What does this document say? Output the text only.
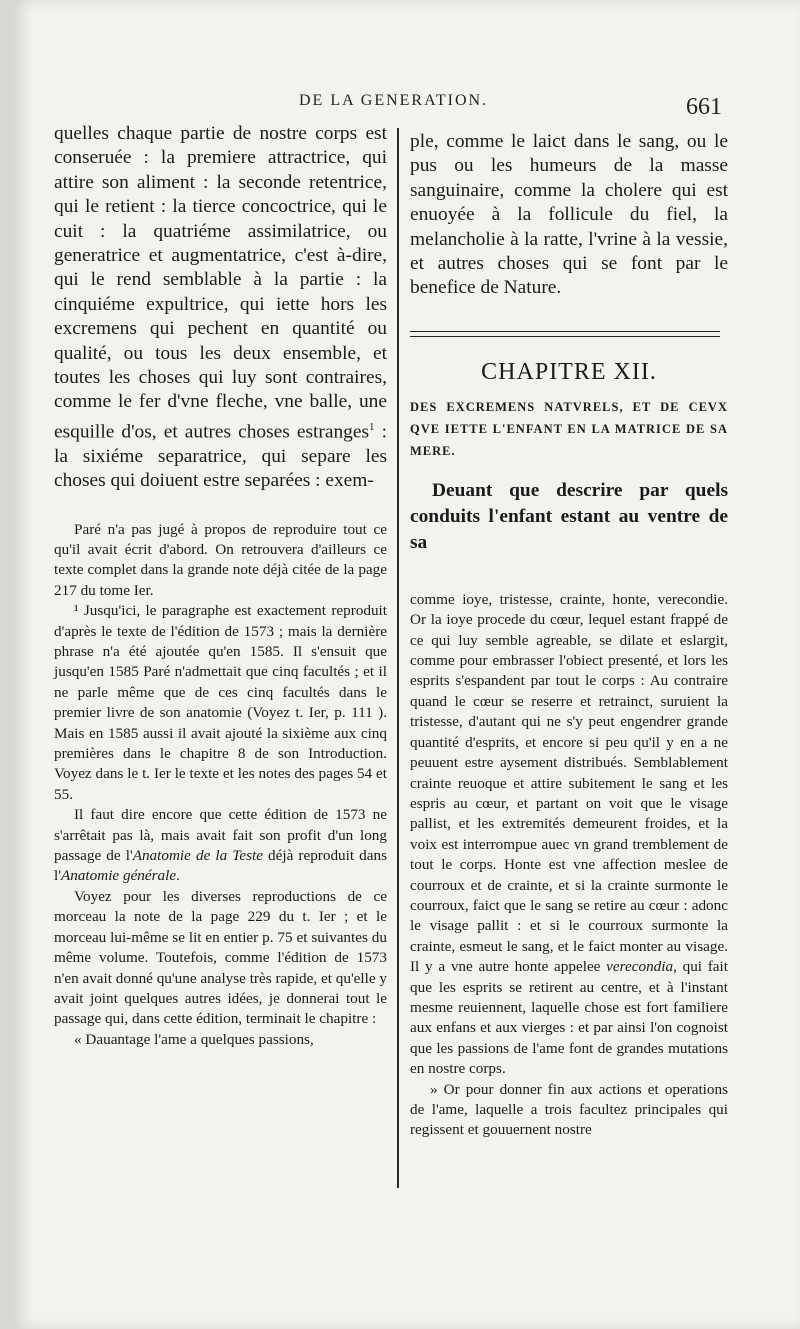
DE LA GENERATION.	661

quelles chaque partie de nostre corps est conseruée : la premiere attractrice, qui attire son aliment : la seconde retentrice, qui le retient : la tierce concoctrice, qui le cuit : la quatriéme assimilatrice, ou generatrice et augmentatrice, c'est à-dire, qui le rend semblable à la partie : la cinquiéme expultrice, qui iette hors les excremens qui pechent en quantité ou qualité, ou tous les deux ensemble, et toutes les choses qui luy sont contraires, comme le fer d'vne fleche, vne balle, une esquille d'os, et autres choses estranges$^1$ : la sixiéme separatrice, qui separe les choses qui doiuent estre separées : exem-

Paré n'a pas jugé à propos de reproduire tout ce qu'il avait écrit d'abord. On retrouvera d'ailleurs ce texte complet dans la grande note déjà citée de la page 217 du tome Ier.

¹ Jusqu'ici, le paragraphe est exactement reproduit d'après le texte de l'édition de 1573 ; mais la dernière phrase n'a été ajoutée qu'en 1585. Il s'ensuit que jusqu'en 1585 Paré n'admettait que cinq facultés ; et il ne parle même que de ces cinq facultés dans le premier livre de son anatomie (Voyez t. Ier, p. 111 ). Mais en 1585 aussi il avait ajouté la sixième aux cinq premières dans le chapitre 8 de son Introduction. Voyez dans le t. Ier le texte et les notes des pages 54 et 55.

Il faut dire encore que cette édition de 1573 ne s'arrêtait pas là, mais avait fait son profit d'un long passage de l'Anatomie de la Teste déjà reproduit dans l'Anatomie générale.

Voyez pour les diverses reproductions de ce morceau la note de la page 229 du t. Ier ; et le morceau lui-même se lit en entier p. 75 et suivantes du même volume. Toutefois, comme l'édition de 1573 n'en avait donné qu'une analyse très rapide, et qu'elle y avait joint quelques autres idées, je donnerai tout le passage qui, dans cette édition, terminait le chapitre :

« Dauantage l'ame a quelques passions,

ple, comme le laict dans le sang, ou le pus ou les humeurs de la masse sanguinaire, comme la cholere qui est enuoyée à la follicule du fiel, la melancholie à la ratte, l'vrine à la vessie, et autres choses qui se font par le benefice de Nature.

CHAPITRE XII.
DES EXCREMENS NATVRELS, ET DE CEVX QVE IETTE L'ENFANT EN LA MATRICE DE SA MERE.
Deuant que descrire par quels conduits l'enfant estant au ventre de sa

comme ioye, tristesse, crainte, honte, verecondie. Or la ioye procede du cœur, lequel estant frappé de ce qui luy semble agreable, se dilate et eslargit, comme pour embrasser l'obiect presenté, et lors les esprits s'espandent par tout le corps : Au contraire quand le cœur se reserre et retrainct, suruient la tristesse, d'autant qui ne s'y peut engendrer grande quantité d'esprits, et encore si peu qu'il y en a ne peuuent estre aysement distribués. Semblablement crainte reuoque et attire subitement le sang et les espris au cœur, et partant on voit que le visage pallist, et les extremités demeurent froides, et la voix est interrompue auec vn grand tremblement de tout le corps. Honte est vne affection meslee de courroux et de crainte, et si la crainte surmonte le courroux, faict que le sang se retire au cœur : adonc le visage pallit : et si le courroux surmonte la crainte, esmeut le sang, et le faict monter au visage. Il y a vne autre honte appelee verecondia, qui fait que les esprits se retirent au centre, et à l'instant mesme reuiennent, laquelle chose est fort familiere aux enfans et aux vierges : et par ainsi l'on cognoist que les passions de l'ame font de grandes mutations en nostre corps.

» Or pour donner fin aux actions et operations de l'ame, laquelle a trois facultez principales qui regissent et gouuernent nostre
